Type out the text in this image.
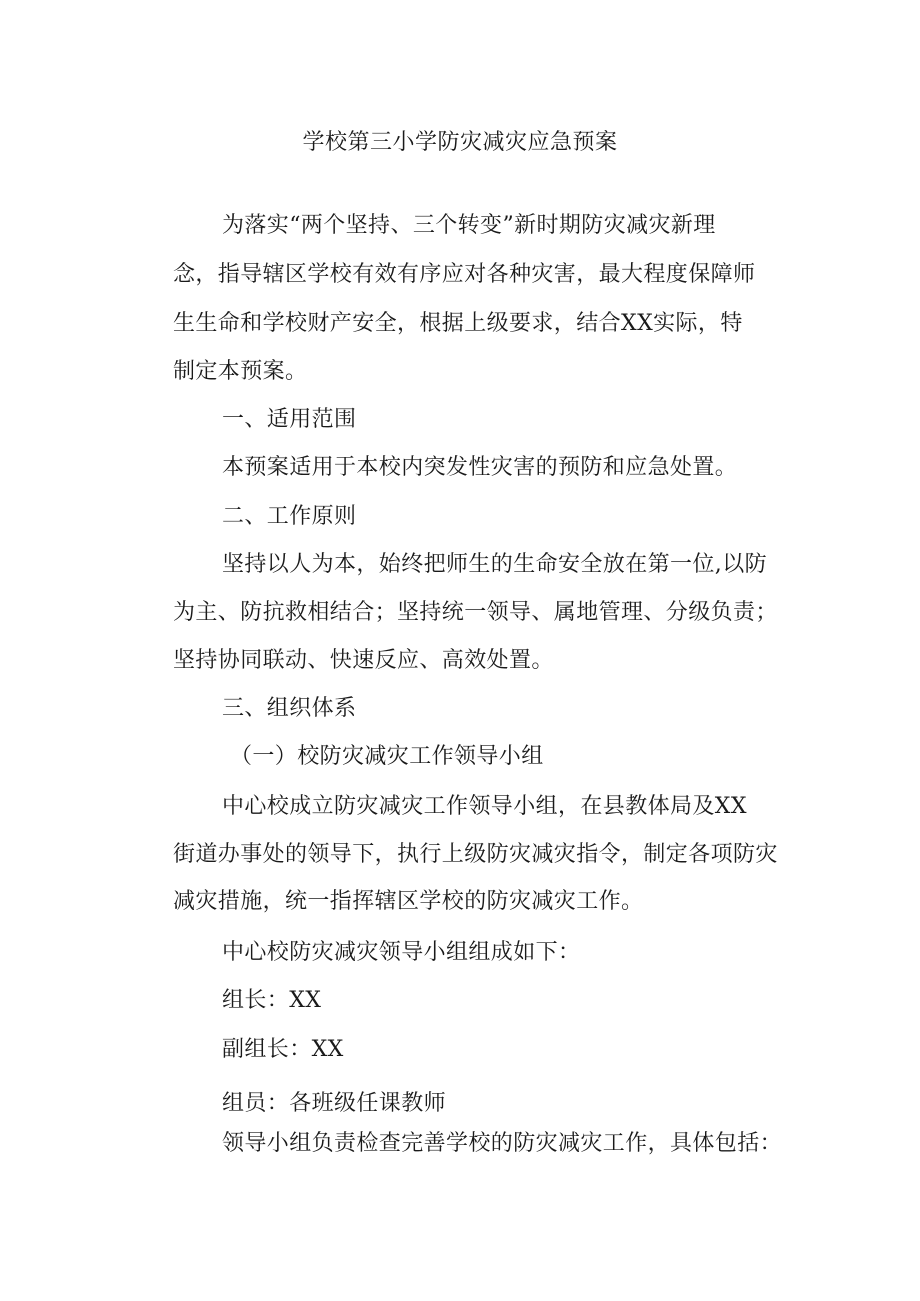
学校第三小学防灾减灾应急预案
为落实“两个坚持、三个转变”新时期防灾减灾新理
念，指导辖区学校有效有序应对各种灾害，最大程度保障师
生生命和学校财产安全，根据上级要求，结合XX实际，特
制定本预案。
一、适用范围
本预案适用于本校内突发性灾害的预防和应急处置。
二、工作原则
坚持以人为本，始终把师生的生命安全放在第一位,以防
为主、防抗救相结合；坚持统一领导、属地管理、分级负责；
坚持协同联动、快速反应、高效处置。
三、组织体系
（一）校防灾减灾工作领导小组
中心校成立防灾减灾工作领导小组，在县教体局及XX
街道办事处的领导下，执行上级防灾减灾指令，制定各项防灾
减灾措施，统一指挥辖区学校的防灾减灾工作。
中心校防灾减灾领导小组组成如下：
组长：XX
副组长：XX
组员：各班级任课教师
领导小组负责检查完善学校的防灾减灾工作，具体包括：
